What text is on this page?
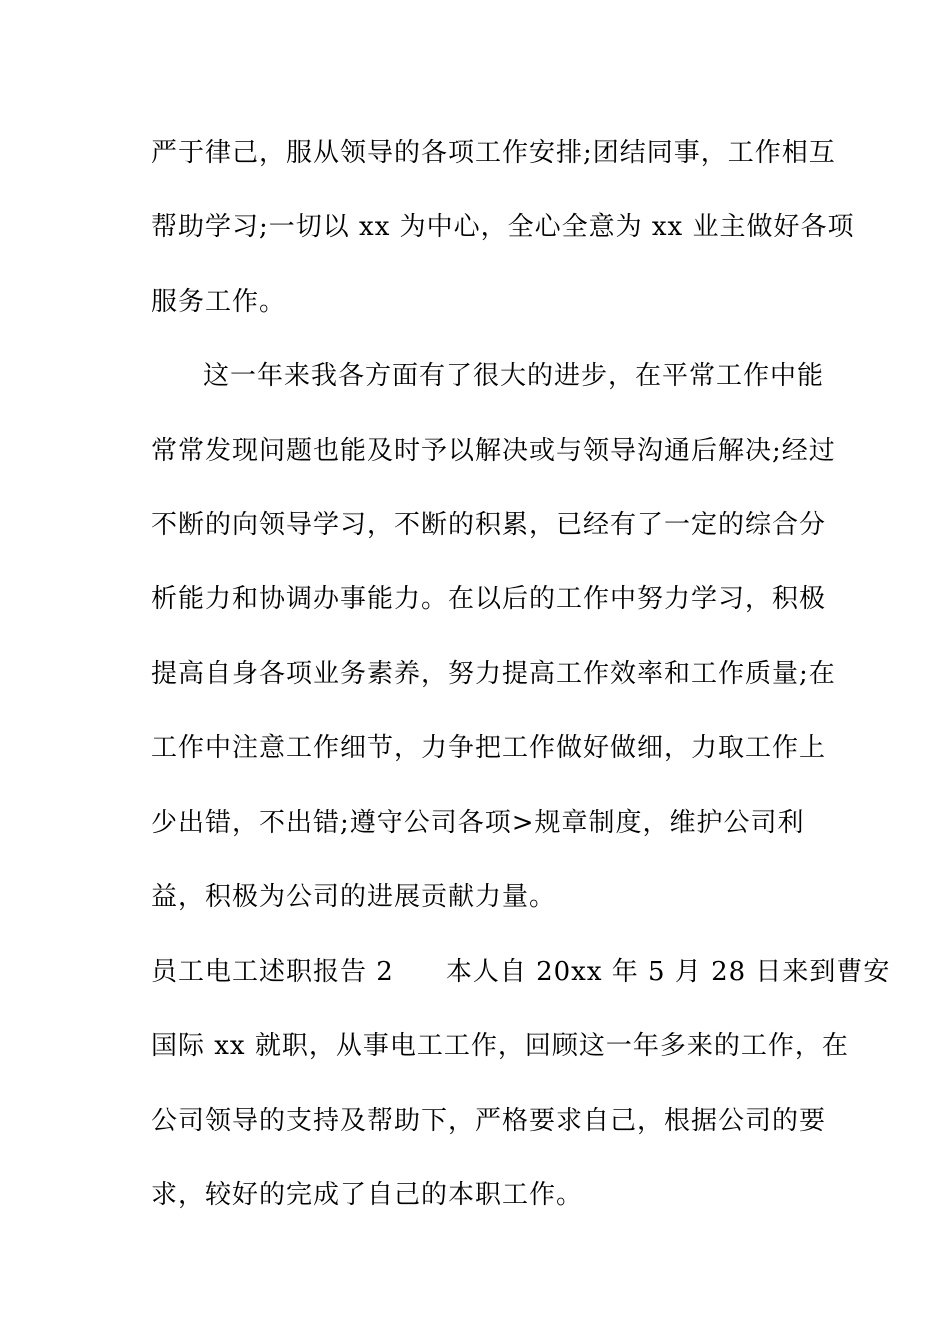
严于律己，服从领导的各项工作安排;团结同事，工作相互
帮助学习;一切以 xx 为中心，全心全意为 xx 业主做好各项
服务工作。
这一年来我各方面有了很大的进步，在平常工作中能
常常发现问题也能及时予以解决或与领导沟通后解决;经过
不断的向领导学习，不断的积累，已经有了一定的综合分
析能力和协调办事能力。在以后的工作中努力学习，积极
提高自身各项业务素养，努力提高工作效率和工作质量;在
工作中注意工作细节，力争把工作做好做细，力取工作上
少出错，不出错;遵守公司各项>规章制度，维护公司利
益，积极为公司的进展贡献力量。
员工电工述职报告 2 本人自 20xx 年 5 月 28 日来到曹安
国际 xx 就职，从事电工工作，回顾这一年多来的工作，在
公司领导的支持及帮助下，严格要求自己，根据公司的要
求，较好的完成了自己的本职工作。
